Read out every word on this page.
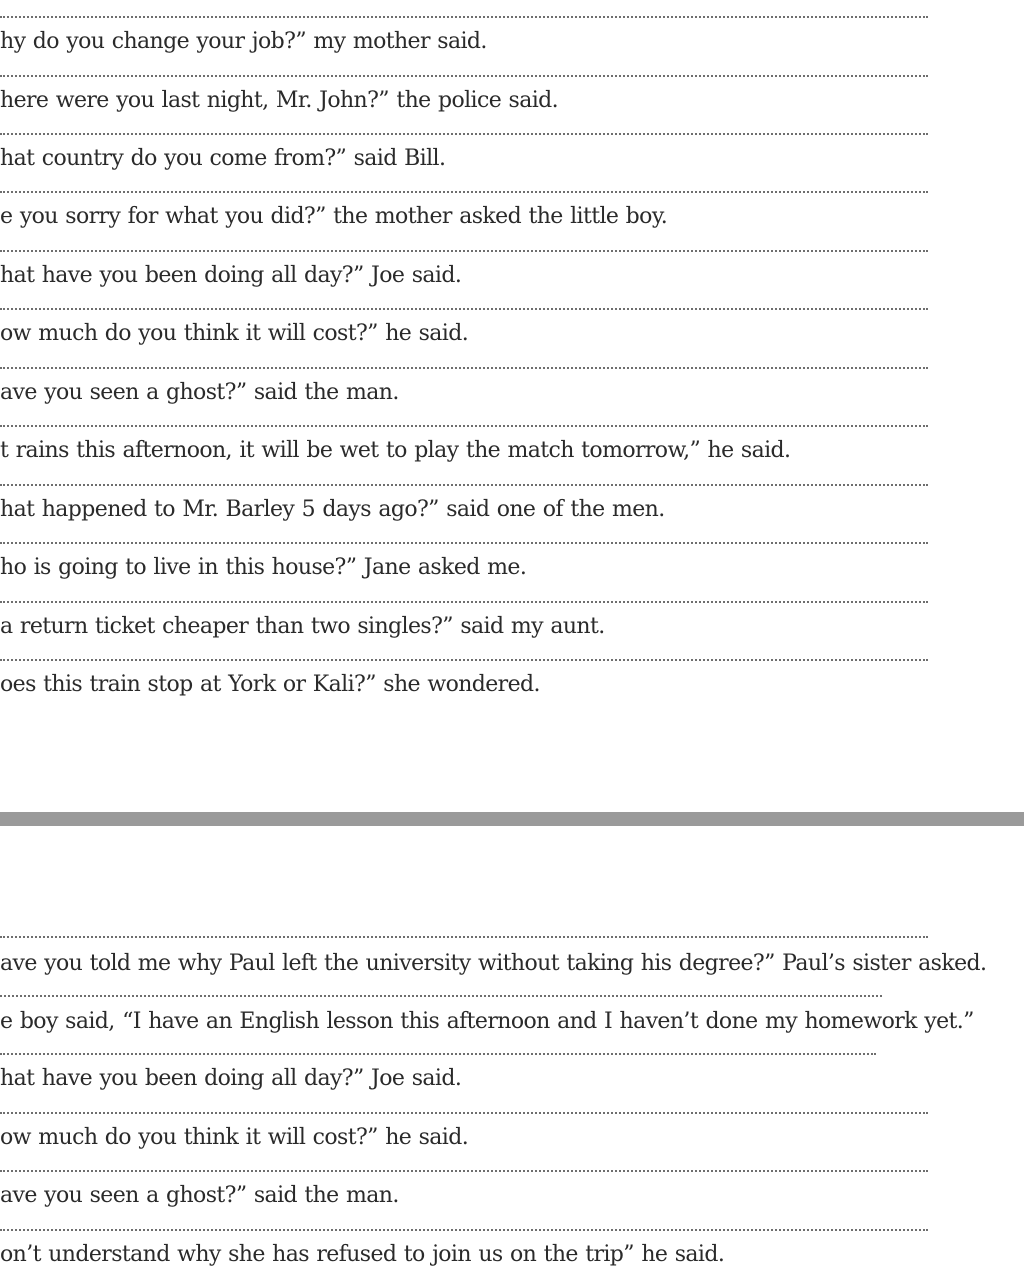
hy do you change your job?” my mother said.
here were you last night, Mr. John?” the police said.
hat country do you come from?” said Bill.
e you sorry for what you did?” the mother asked the little boy.
hat have you been doing all day?” Joe said.
ow much do you think it will cost?” he said.
ave you seen a ghost?” said the man.
t rains this afternoon, it will be wet to play the match tomorrow,” he said.
hat happened to Mr. Barley 5 days ago?” said one of the men.
ho is going to live in this house?” Jane asked me.
a return ticket cheaper than two singles?” said my aunt.
oes this train stop at York or Kali?” she wondered.
ave you told me why Paul left the university without taking his degree?” Paul’s sister asked.
e boy said, “I have an English lesson this afternoon and I haven’t done my homework yet.”
hat have you been doing all day?” Joe said.
ow much do you think it will cost?” he said.
ave you seen a ghost?” said the man.
on’t understand why she has refused to join us on the trip” he said.
